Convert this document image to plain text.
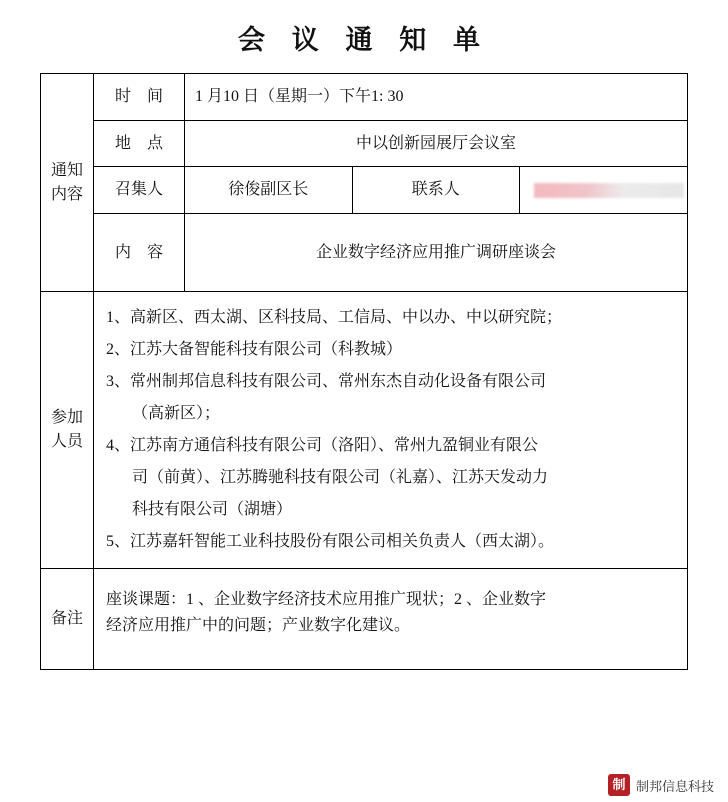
会 议 通 知 单
通知内容

时 间	1 月10 日（星期一）下午1: 30
地 点	中以创新园展厅会议室
召集人	徐俊副区长	联系人	
内 容	企业数字经济应用推广调研座谈会

参加人员

1、高新区、西太湖、区科技局、工信局、中以办、中以研究院；
2、江苏大备智能科技有限公司（科教城）
3、常州制邦信息科技有限公司、常州东杰自动化设备有限公司
（高新区）；
4、江苏南方通信科技有限公司（洛阳）、常州九盈铜业有限公
司（前黄）、江苏腾驰科技有限公司（礼嘉）、江苏天发动力
科技有限公司（湖塘）
5、江苏嘉轩智能工业科技股份有限公司相关负责人（西太湖）。

备注

座谈课题：1 、企业数字经济技术应用推广现状；2 、企业数字
经济应用推广中的问题；产业数字化建议。
制 制邦信息科技
